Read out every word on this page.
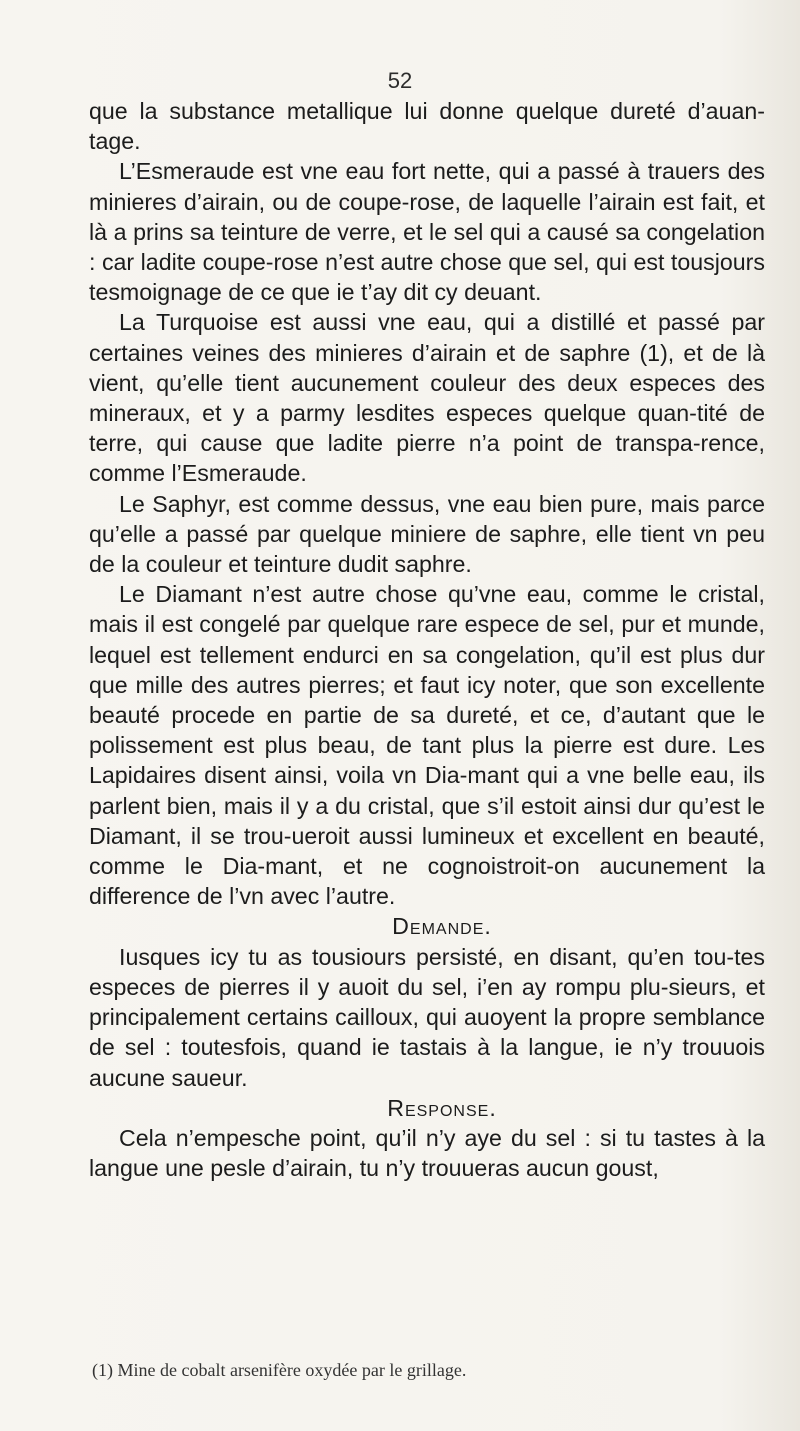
52

que la substance metallique lui donne quelque dureté d’auan-tage.

L’Esmeraude est vne eau fort nette, qui a passé à trauers des minieres d’airain, ou de coupe-rose, de laquelle l’airain est fait, et là a prins sa teinture de verre, et le sel qui a causé sa congelation : car ladite coupe-rose n’est autre chose que sel, qui est tousjours tesmoignage de ce que ie t’ay dit cy deuant.

La Turquoise est aussi vne eau, qui a distillé et passé par certaines veines des minieres d’airain et de saphre (1), et de là vient, qu’elle tient aucunement couleur des deux especes des mineraux, et y a parmy lesdites especes quelque quan-tité de terre, qui cause que ladite pierre n’a point de transpa-rence, comme l’Esmeraude.

Le Saphyr, est comme dessus, vne eau bien pure, mais parce qu’elle a passé par quelque miniere de saphre, elle tient vn peu de la couleur et teinture dudit saphre.

Le Diamant n’est autre chose qu’vne eau, comme le cristal, mais il est congelé par quelque rare espece de sel, pur et munde, lequel est tellement endurci en sa congelation, qu’il est plus dur que mille des autres pierres; et faut icy noter, que son excellente beauté procede en partie de sa dureté, et ce, d’autant que le polissement est plus beau, de tant plus la pierre est dure. Les Lapidaires disent ainsi, voila vn Dia-mant qui a vne belle eau, ils parlent bien, mais il y a du cristal, que s’il estoit ainsi dur qu’est le Diamant, il se trou-ueroit aussi lumineux et excellent en beauté, comme le Dia-mant, et ne cognoistroit-on aucunement la difference de l’vn avec l’autre.

Demande.

Iusques icy tu as tousiours persisté, en disant, qu’en tou-tes especes de pierres il y auoit du sel, i’en ay rompu plu-sieurs, et principalement certains cailloux, qui auoyent la propre semblance de sel : toutesfois, quand ie tastais à la langue, ie n’y trouuois aucune saueur.

Response.

Cela n’empesche point, qu’il n’y aye du sel : si tu tastes à la langue une pesle d’airain, tu n’y trouueras aucun goust,

(1) Mine de cobalt arsenifère oxydée par le grillage.
